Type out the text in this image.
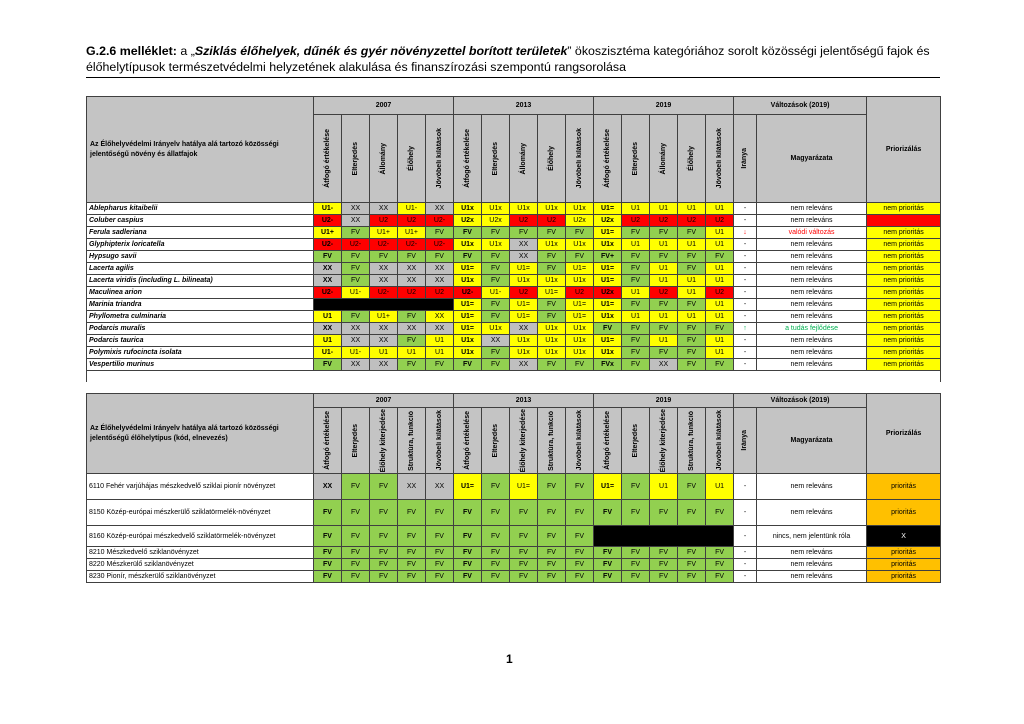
G.2.6 melléklet: a „Sziklás élőhelyek, dűnék és gyér növényzettel borított területek” ökoszisztéma kategóriához sorolt közösségi jelentőségű fajok és élőhelytípusok természetvédelmi helyzetének alakulása és finanszírozási szempontú rangsorolása
Az Élőhelyvédelmi Irányelv hatálya alá tartozó közösségi jelentőségű növény és állatfajok	2007					2013					2019					Változások (2019)		Priorizálás

	Átfogó értékelése	Elterjedés	Állomány	Élőhely	Jövőbeli kilátások	Átfogó értékelése	Elterjedés	Állomány	Élőhely	Jövőbeli kilátások	Átfogó értékelése	Elterjedés	Állomány	Élőhely	Jövőbeli kilátások	Iránya	Magyarázata	
Ablepharus kitaibelii	U1-	XX	XX	U1-	XX	U1x	U1x	U1x	U1x	U1x	U1=	U1	U1	U1	U1	-	nem releváns	nem prioritás
Coluber caspius	U2-	XX	U2	U2	U2-	U2x	U2x	U2	U2	U2x	U2x	U2	U2	U2	U2	-	nem releváns	kiemelt prioritás
Ferula sadleriana	U1+	FV	U1+	U1+	FV	FV	FV	FV	FV	FV	U1=	FV	FV	FV	U1	↓	valódi változás	nem prioritás
Glyphipterix loricatella	U2-	U2-	U2-	U2-	U2-	U1x	U1x	XX	U1x	U1x	U1x	U1	U1	U1	U1	-	nem releváns	nem prioritás
Hypsugo savii	FV	FV	FV	FV	FV	FV	FV	XX	FV	FV	FV+	FV	FV	FV	FV	-	nem releváns	nem prioritás
Lacerta agilis	XX	FV	XX	XX	XX	U1=	FV	U1=	FV	U1=	U1=	FV	U1	FV	U1	-	nem releváns	nem prioritás
Lacerta viridis (including L. bilineata)	XX	FV	XX	XX	XX	U1x	FV	U1x	U1x	U1x	U1=	FV	U1	U1	U1	-	nem releváns	nem prioritás
Maculinea arion	U2-	U1-	U2-	U2	U2	U2-	U1-	U2	U1=	U2	U2x	U1	U2	U1	U2	-	nem releváns	nem prioritás
Marinia triandra						U1=	FV	U1=	FV	U1=	U1=	FV	FV	FV	U1	-	nem releváns	nem prioritás
Phyllometra culminaria	U1	FV	U1+	FV	XX	U1=	FV	U1=	FV	U1=	U1x	U1	U1	U1	U1	-	nem releváns	nem prioritás
Podarcis muralis	XX	XX	XX	XX	XX	U1=	U1x	XX	U1x	U1x	FV	FV	FV	FV	FV	↑	a tudás fejlődése	nem prioritás
Podarcis taurica	U1	XX	XX	FV	U1	U1x	XX	U1x	U1x	U1x	U1=	FV	U1	FV	U1	-	nem releváns	nem prioritás
Polymixis rufocincta isolata	U1-	U1-	U1	U1	U1	U1x	FV	U1x	U1x	U1x	U1x	FV	FV	FV	U1	-	nem releváns	nem prioritás
Vespertilio murinus	FV	XX	XX	FV	FV	FV	FV	XX	FV	FV	FVx	FV	XX	FV	FV	-	nem releváns	nem prioritás

Az Élőhelyvédelmi Irányelv hatálya alá tartozó közösségi jelentőségű élőhelytípus (kód, elnevezés)	2007					2013					2019					Változások (2019)		Priorizálás

	Átfogó értékelése	Elterjedés	Élőhely kiterjedése	Struktúra, funkció	Jövőbeli kilátások	Átfogó értékelése	Elterjedés	Élőhely kiterjedése	Struktúra, funkció	Jövőbeli kilátások	Átfogó értékelése	Elterjedés	Élőhely kiterjedése	Struktúra, funkció	Jövőbeli kilátások	Iránya	Magyarázata	
6110 Fehér varjúhájas mészkedvelő sziklai pionír növényzet	XX	FV	FV	XX	XX	U1=	FV	U1=	FV	FV	U1=	FV	U1	FV	U1	-	nem releváns	prioritás
8150 Közép-európai mészkerülő sziklatörmelék-növényzet	FV	FV	FV	FV	FV	FV	FV	FV	FV	FV	FV	FV	FV	FV	FV	-	nem releváns	prioritás
8160 Közép-európai mészkedvelő sziklatörmelék-növényzet	FV	FV	FV	FV	FV	FV	FV	FV	FV	FV						-	nincs, nem jelentünk róla	X
8210 Mészkedvelő sziklanövényzet	FV	FV	FV	FV	FV	FV	FV	FV	FV	FV	FV	FV	FV	FV	FV	-	nem releváns	prioritás
8220 Mészkerülő sziklanövényzet	FV	FV	FV	FV	FV	FV	FV	FV	FV	FV	FV	FV	FV	FV	FV	-	nem releváns	prioritás
8230 Pionír, mészkerülő sziklanövényzet	FV	FV	FV	FV	FV	FV	FV	FV	FV	FV	FV	FV	FV	FV	FV	-	nem releváns	prioritás
1
